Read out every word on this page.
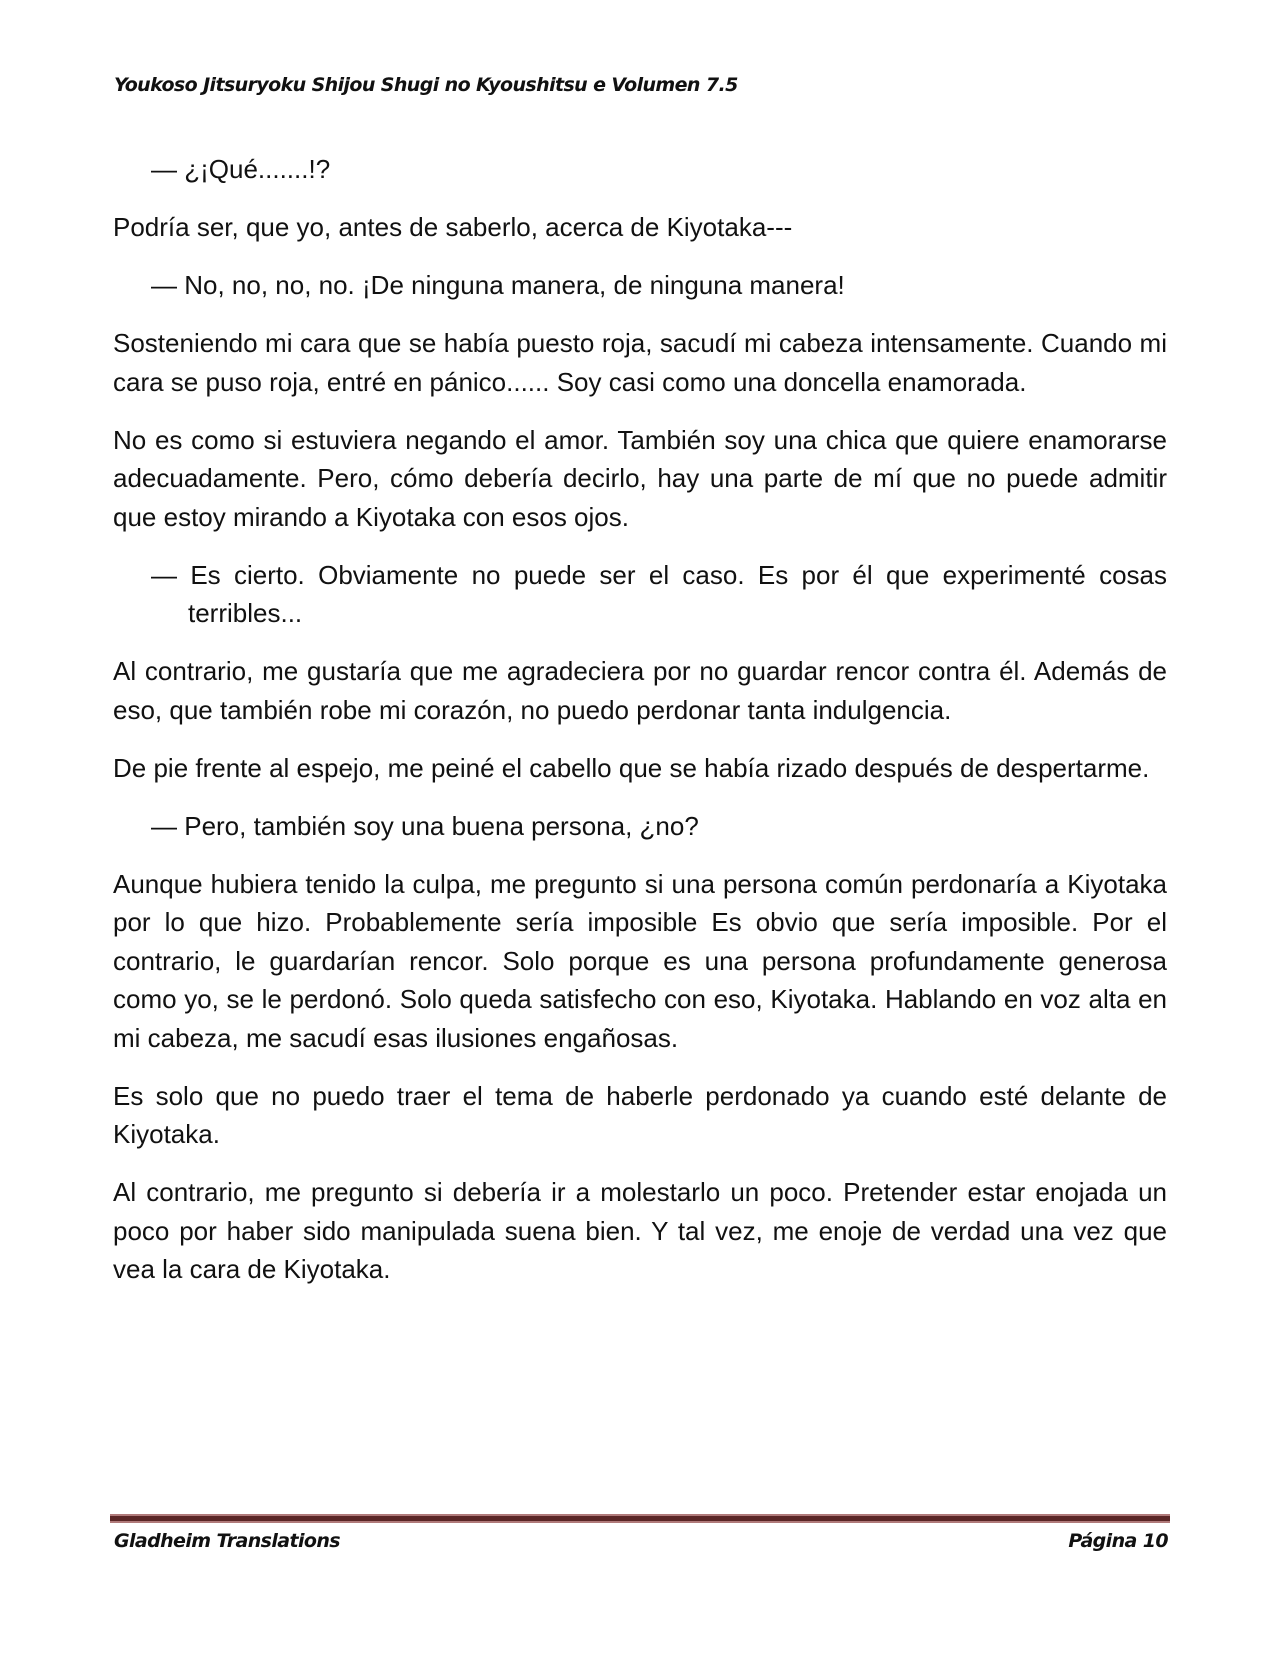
Youkoso Jitsuryoku Shijou Shugi no Kyoushitsu e Volumen 7.5

— ¿¡Qué.......!?

Podría ser, que yo, antes de saberlo, acerca de Kiyotaka---

— No, no, no, no. ¡De ninguna manera, de ninguna manera!

Sosteniendo mi cara que se había puesto roja, sacudí mi cabeza intensamente. Cuando mi cara se puso roja, entré en pánico...... Soy casi como una doncella enamorada.

No es como si estuviera negando el amor. También soy una chica que quiere enamorarse adecuadamente. Pero, cómo debería decirlo, hay una parte de mí que no puede admitir que estoy mirando a Kiyotaka con esos ojos.

— Es cierto. Obviamente no puede ser el caso. Es por él que experimenté cosas terribles...

Al contrario, me gustaría que me agradeciera por no guardar rencor contra él. Además de eso, que también robe mi corazón, no puedo perdonar tanta indulgencia.

De pie frente al espejo, me peiné el cabello que se había rizado después de despertarme.

— Pero, también soy una buena persona, ¿no?

Aunque hubiera tenido la culpa, me pregunto si una persona común perdonaría a Kiyotaka por lo que hizo. Probablemente sería imposible Es obvio que sería imposible. Por el contrario, le guardarían rencor. Solo porque es una persona profundamente generosa como yo, se le perdonó. Solo queda satisfecho con eso, Kiyotaka. Hablando en voz alta en mi cabeza, me sacudí esas ilusiones engañosas.

Es solo que no puedo traer el tema de haberle perdonado ya cuando esté delante de Kiyotaka.

Al contrario, me pregunto si debería ir a molestarlo un poco. Pretender estar enojada un poco por haber sido manipulada suena bien. Y tal vez, me enoje de verdad una vez que vea la cara de Kiyotaka.

Gladheim Translations	Página 10
